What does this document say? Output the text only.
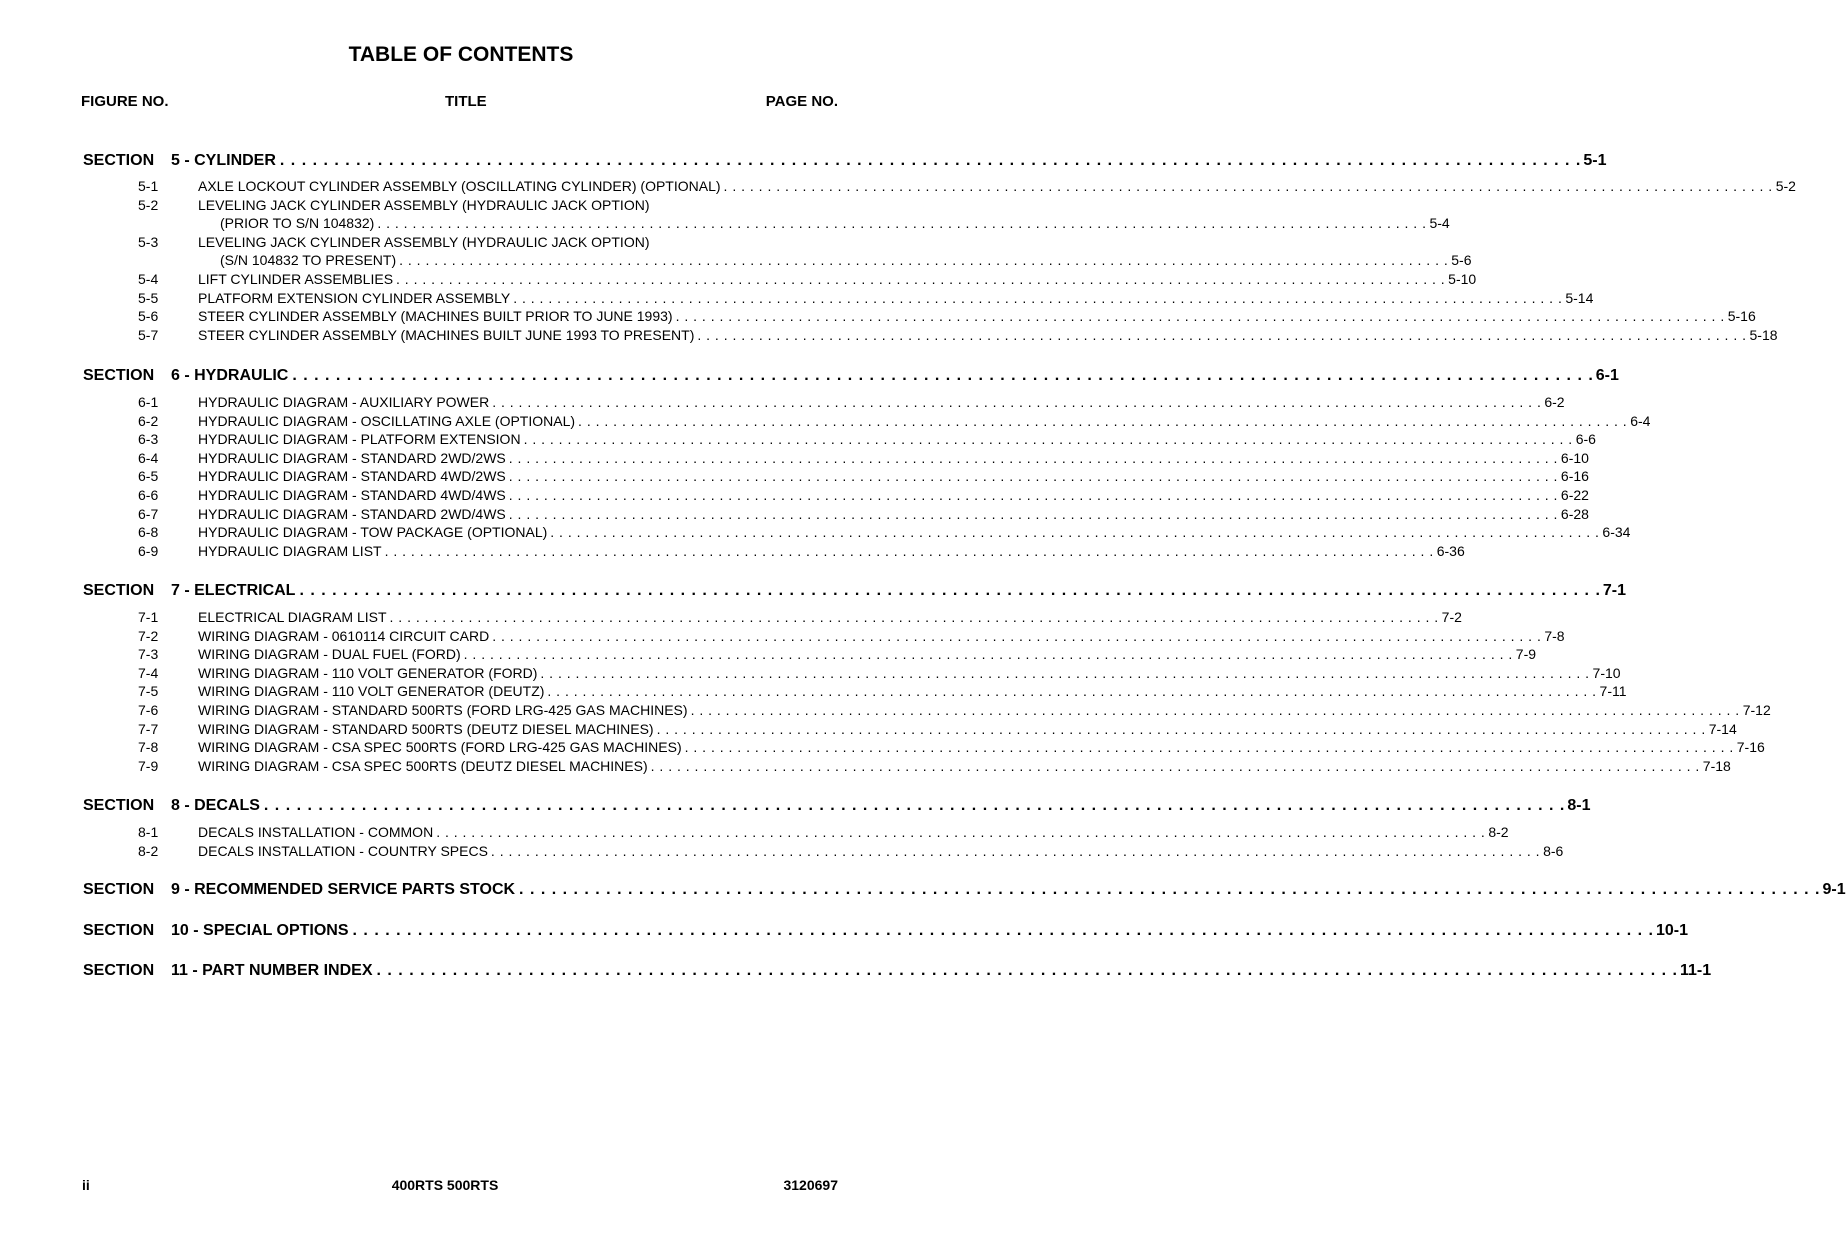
TABLE OF CONTENTS
FIGURE NO.	TITLE	PAGE NO.
SECTION	5 - CYLINDER . . . . . . . . . . . . . . . . . . . . . . . . . . . . . . . . . . . . . . . . . . . . . . . . . . . . . . . . . . . . . . . . . . . . . . . . . . . . . . . . . . . . . . . . . . . . . . . . . . . . . . . . . . . . . . . . . . . . . . . . 5-1
5-1	AXLE LOCKOUT CYLINDER ASSEMBLY (OSCILLATING CYLINDER) (OPTIONAL) . . . . . . . . . . . . . . . . . . . . . . . . . . . . . . . . . . . . . . . . . . . . . . . . . . . . . . . . . . . . . . . . . . . . . . . . . . . . . . . . . . . . . . . . . . . . . . . . . . . . . . . . . . . . . . . . . . . . . . . . 5-2
5-2	LEVELING JACK CYLINDER ASSEMBLY (HYDRAULIC JACK OPTION)
(PRIOR TO S/N 104832) . . . . . . . . . . . . . . . . . . . . . . . . . . . . . . . . . . . . . . . . . . . . . . . . . . . . . . . . . . . . . . . . . . . . . . . . . . . . . . . . . . . . . . . . . . . . . . . . . . . . . . . . . . . . . . . . . . . . . . . . 5-4
5-3	LEVELING JACK CYLINDER ASSEMBLY (HYDRAULIC JACK OPTION)
(S/N 104832 TO PRESENT) . . . . . . . . . . . . . . . . . . . . . . . . . . . . . . . . . . . . . . . . . . . . . . . . . . . . . . . . . . . . . . . . . . . . . . . . . . . . . . . . . . . . . . . . . . . . . . . . . . . . . . . . . . . . . . . . . . . . . . . . 5-6
5-4	LIFT CYLINDER ASSEMBLIES . . . . . . . . . . . . . . . . . . . . . . . . . . . . . . . . . . . . . . . . . . . . . . . . . . . . . . . . . . . . . . . . . . . . . . . . . . . . . . . . . . . . . . . . . . . . . . . . . . . . . . . . . . . . . . . . . . . . . . . . 5-10
5-5	PLATFORM EXTENSION CYLINDER ASSEMBLY . . . . . . . . . . . . . . . . . . . . . . . . . . . . . . . . . . . . . . . . . . . . . . . . . . . . . . . . . . . . . . . . . . . . . . . . . . . . . . . . . . . . . . . . . . . . . . . . . . . . . . . . . . . . . . . . . . . . . . . . 5-14
5-6	STEER CYLINDER ASSEMBLY (MACHINES BUILT PRIOR TO JUNE 1993) . . . . . . . . . . . . . . . . . . . . . . . . . . . . . . . . . . . . . . . . . . . . . . . . . . . . . . . . . . . . . . . . . . . . . . . . . . . . . . . . . . . . . . . . . . . . . . . . . . . . . . . . . . . . . . . . . . . . . . . . 5-16
5-7	STEER CYLINDER ASSEMBLY (MACHINES BUILT JUNE 1993 TO PRESENT) . . . . . . . . . . . . . . . . . . . . . . . . . . . . . . . . . . . . . . . . . . . . . . . . . . . . . . . . . . . . . . . . . . . . . . . . . . . . . . . . . . . . . . . . . . . . . . . . . . . . . . . . . . . . . . . . . . . . . . . . 5-18
SECTION	6 - HYDRAULIC . . . . . . . . . . . . . . . . . . . . . . . . . . . . . . . . . . . . . . . . . . . . . . . . . . . . . . . . . . . . . . . . . . . . . . . . . . . . . . . . . . . . . . . . . . . . . . . . . . . . . . . . . . . . . . . . . . . . . . . . 6-1
6-1	HYDRAULIC DIAGRAM - AUXILIARY POWER . . . . . . . . . . . . . . . . . . . . . . . . . . . . . . . . . . . . . . . . . . . . . . . . . . . . . . . . . . . . . . . . . . . . . . . . . . . . . . . . . . . . . . . . . . . . . . . . . . . . . . . . . . . . . . . . . . . . . . . . 6-2
6-2	HYDRAULIC DIAGRAM - OSCILLATING AXLE (OPTIONAL) . . . . . . . . . . . . . . . . . . . . . . . . . . . . . . . . . . . . . . . . . . . . . . . . . . . . . . . . . . . . . . . . . . . . . . . . . . . . . . . . . . . . . . . . . . . . . . . . . . . . . . . . . . . . . . . . . . . . . . . . 6-4
6-3	HYDRAULIC DIAGRAM - PLATFORM EXTENSION . . . . . . . . . . . . . . . . . . . . . . . . . . . . . . . . . . . . . . . . . . . . . . . . . . . . . . . . . . . . . . . . . . . . . . . . . . . . . . . . . . . . . . . . . . . . . . . . . . . . . . . . . . . . . . . . . . . . . . . . 6-6
6-4	HYDRAULIC DIAGRAM - STANDARD 2WD/2WS . . . . . . . . . . . . . . . . . . . . . . . . . . . . . . . . . . . . . . . . . . . . . . . . . . . . . . . . . . . . . . . . . . . . . . . . . . . . . . . . . . . . . . . . . . . . . . . . . . . . . . . . . . . . . . . . . . . . . . . . 6-10
6-5	HYDRAULIC DIAGRAM - STANDARD 4WD/2WS . . . . . . . . . . . . . . . . . . . . . . . . . . . . . . . . . . . . . . . . . . . . . . . . . . . . . . . . . . . . . . . . . . . . . . . . . . . . . . . . . . . . . . . . . . . . . . . . . . . . . . . . . . . . . . . . . . . . . . . . 6-16
6-6	HYDRAULIC DIAGRAM - STANDARD 4WD/4WS . . . . . . . . . . . . . . . . . . . . . . . . . . . . . . . . . . . . . . . . . . . . . . . . . . . . . . . . . . . . . . . . . . . . . . . . . . . . . . . . . . . . . . . . . . . . . . . . . . . . . . . . . . . . . . . . . . . . . . . . 6-22
6-7	HYDRAULIC DIAGRAM - STANDARD 2WD/4WS . . . . . . . . . . . . . . . . . . . . . . . . . . . . . . . . . . . . . . . . . . . . . . . . . . . . . . . . . . . . . . . . . . . . . . . . . . . . . . . . . . . . . . . . . . . . . . . . . . . . . . . . . . . . . . . . . . . . . . . . 6-28
6-8	HYDRAULIC DIAGRAM - TOW PACKAGE (OPTIONAL) . . . . . . . . . . . . . . . . . . . . . . . . . . . . . . . . . . . . . . . . . . . . . . . . . . . . . . . . . . . . . . . . . . . . . . . . . . . . . . . . . . . . . . . . . . . . . . . . . . . . . . . . . . . . . . . . . . . . . . . . 6-34
6-9	HYDRAULIC DIAGRAM LIST . . . . . . . . . . . . . . . . . . . . . . . . . . . . . . . . . . . . . . . . . . . . . . . . . . . . . . . . . . . . . . . . . . . . . . . . . . . . . . . . . . . . . . . . . . . . . . . . . . . . . . . . . . . . . . . . . . . . . . . . 6-36
SECTION	7 - ELECTRICAL . . . . . . . . . . . . . . . . . . . . . . . . . . . . . . . . . . . . . . . . . . . . . . . . . . . . . . . . . . . . . . . . . . . . . . . . . . . . . . . . . . . . . . . . . . . . . . . . . . . . . . . . . . . . . . . . . . . . . . . . 7-1
7-1	ELECTRICAL DIAGRAM LIST . . . . . . . . . . . . . . . . . . . . . . . . . . . . . . . . . . . . . . . . . . . . . . . . . . . . . . . . . . . . . . . . . . . . . . . . . . . . . . . . . . . . . . . . . . . . . . . . . . . . . . . . . . . . . . . . . . . . . . . . 7-2
7-2	WIRING DIAGRAM - 0610114 CIRCUIT CARD . . . . . . . . . . . . . . . . . . . . . . . . . . . . . . . . . . . . . . . . . . . . . . . . . . . . . . . . . . . . . . . . . . . . . . . . . . . . . . . . . . . . . . . . . . . . . . . . . . . . . . . . . . . . . . . . . . . . . . . . 7-8
7-3	WIRING DIAGRAM - DUAL FUEL (FORD) . . . . . . . . . . . . . . . . . . . . . . . . . . . . . . . . . . . . . . . . . . . . . . . . . . . . . . . . . . . . . . . . . . . . . . . . . . . . . . . . . . . . . . . . . . . . . . . . . . . . . . . . . . . . . . . . . . . . . . . . 7-9
7-4	WIRING DIAGRAM - 110 VOLT GENERATOR (FORD) . . . . . . . . . . . . . . . . . . . . . . . . . . . . . . . . . . . . . . . . . . . . . . . . . . . . . . . . . . . . . . . . . . . . . . . . . . . . . . . . . . . . . . . . . . . . . . . . . . . . . . . . . . . . . . . . . . . . . . . . 7-10
7-5	WIRING DIAGRAM - 110 VOLT GENERATOR (DEUTZ) . . . . . . . . . . . . . . . . . . . . . . . . . . . . . . . . . . . . . . . . . . . . . . . . . . . . . . . . . . . . . . . . . . . . . . . . . . . . . . . . . . . . . . . . . . . . . . . . . . . . . . . . . . . . . . . . . . . . . . . . 7-11
7-6	WIRING DIAGRAM - STANDARD 500RTS (FORD LRG-425 GAS MACHINES) . . . . . . . . . . . . . . . . . . . . . . . . . . . . . . . . . . . . . . . . . . . . . . . . . . . . . . . . . . . . . . . . . . . . . . . . . . . . . . . . . . . . . . . . . . . . . . . . . . . . . . . . . . . . . . . . . . . . . . . . 7-12
7-7	WIRING DIAGRAM - STANDARD 500RTS (DEUTZ DIESEL MACHINES) . . . . . . . . . . . . . . . . . . . . . . . . . . . . . . . . . . . . . . . . . . . . . . . . . . . . . . . . . . . . . . . . . . . . . . . . . . . . . . . . . . . . . . . . . . . . . . . . . . . . . . . . . . . . . . . . . . . . . . . . 7-14
7-8	WIRING DIAGRAM - CSA SPEC 500RTS (FORD LRG-425 GAS MACHINES) . . . . . . . . . . . . . . . . . . . . . . . . . . . . . . . . . . . . . . . . . . . . . . . . . . . . . . . . . . . . . . . . . . . . . . . . . . . . . . . . . . . . . . . . . . . . . . . . . . . . . . . . . . . . . . . . . . . . . . . . 7-16
7-9	WIRING DIAGRAM - CSA SPEC 500RTS (DEUTZ DIESEL MACHINES) . . . . . . . . . . . . . . . . . . . . . . . . . . . . . . . . . . . . . . . . . . . . . . . . . . . . . . . . . . . . . . . . . . . . . . . . . . . . . . . . . . . . . . . . . . . . . . . . . . . . . . . . . . . . . . . . . . . . . . . . 7-18
SECTION	8 - DECALS . . . . . . . . . . . . . . . . . . . . . . . . . . . . . . . . . . . . . . . . . . . . . . . . . . . . . . . . . . . . . . . . . . . . . . . . . . . . . . . . . . . . . . . . . . . . . . . . . . . . . . . . . . . . . . . . . . . . . . . . 8-1
8-1	DECALS INSTALLATION - COMMON . . . . . . . . . . . . . . . . . . . . . . . . . . . . . . . . . . . . . . . . . . . . . . . . . . . . . . . . . . . . . . . . . . . . . . . . . . . . . . . . . . . . . . . . . . . . . . . . . . . . . . . . . . . . . . . . . . . . . . . . 8-2
8-2	DECALS INSTALLATION - COUNTRY SPECS . . . . . . . . . . . . . . . . . . . . . . . . . . . . . . . . . . . . . . . . . . . . . . . . . . . . . . . . . . . . . . . . . . . . . . . . . . . . . . . . . . . . . . . . . . . . . . . . . . . . . . . . . . . . . . . . . . . . . . . . 8-6
SECTION	9 - RECOMMENDED SERVICE PARTS STOCK . . . . . . . . . . . . . . . . . . . . . . . . . . . . . . . . . . . . . . . . . . . . . . . . . . . . . . . . . . . . . . . . . . . . . . . . . . . . . . . . . . . . . . . . . . . . . . . . . . . . . . . . . . . . . . . . . . . . . . . . 9-1
SECTION	10 - SPECIAL OPTIONS . . . . . . . . . . . . . . . . . . . . . . . . . . . . . . . . . . . . . . . . . . . . . . . . . . . . . . . . . . . . . . . . . . . . . . . . . . . . . . . . . . . . . . . . . . . . . . . . . . . . . . . . . . . . . . . . . . . . . . . . 10-1
SECTION	11 - PART NUMBER INDEX . . . . . . . . . . . . . . . . . . . . . . . . . . . . . . . . . . . . . . . . . . . . . . . . . . . . . . . . . . . . . . . . . . . . . . . . . . . . . . . . . . . . . . . . . . . . . . . . . . . . . . . . . . . . . . . . . . . . . . . . 11-1
ii	400RTS 500RTS	3120697
